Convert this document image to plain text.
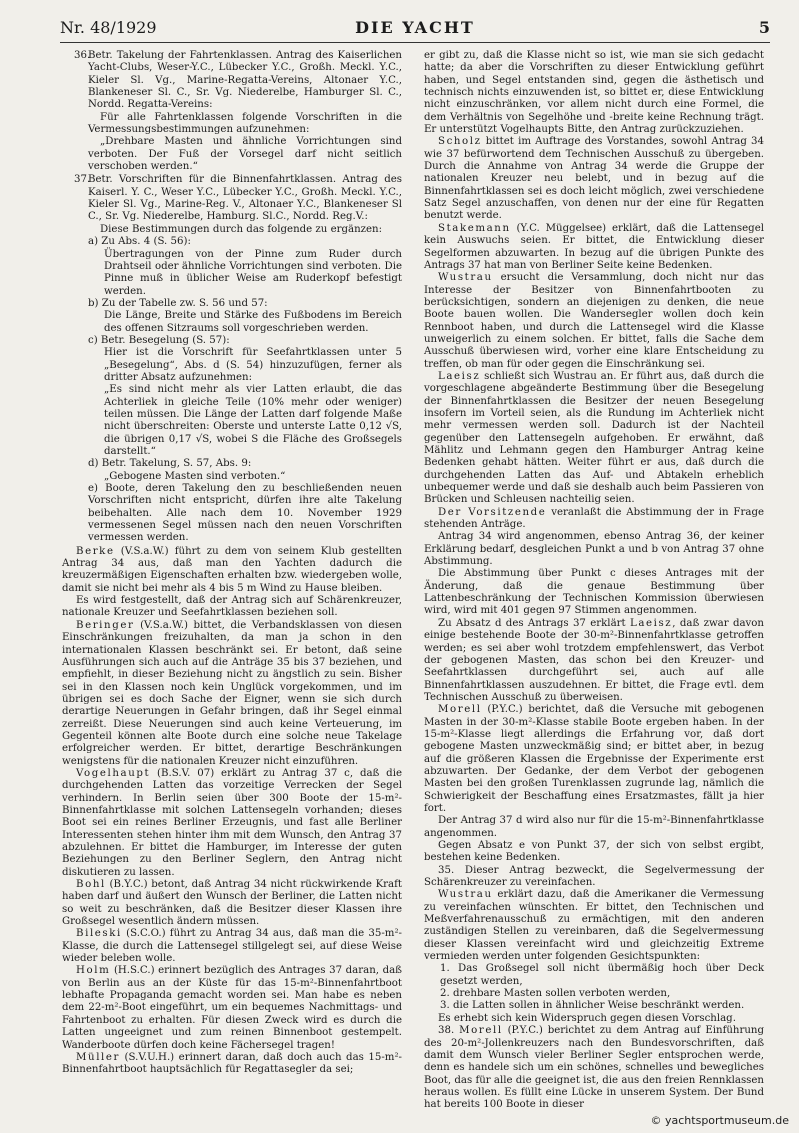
Nr. 48/1929	DIE YACHT	5
36.

Betr. Takelung der Fahrtenklassen. Antrag des Kaiserlichen Yacht-Clubs, Weser-Y.C., Lübecker Y.C., Großh. Meckl. Y.C., Kieler Sl. Vg., Marine-Regatta-Vereins, Altonaer Y.C., Blankeneser Sl. C., Sr. Vg. Niederelbe, Hamburger Sl. C., Nordd. Regatta-Vereins:

Für alle Fahrtenklassen folgende Vorschriften in die Vermessungsbestimmungen aufzunehmen:

„Drehbare Masten und ähnliche Vorrichtungen sind verboten. Der Fuß der Vorsegel darf nicht seitlich verschoben werden.“

37.

Betr. Vorschriften für die Binnenfahrtklassen. Antrag des Kaiserl. Y. C., Weser Y.C., Lübecker Y.C., Großh. Meckl. Y.C., Kieler Sl. Vg., Marine-Reg. V., Altonaer Y.C., Blankeneser Sl C., Sr. Vg. Niederelbe, Hamburg. Sl.C., Nordd. Reg.V.:

Diese Bestimmungen durch das folgende zu ergänzen:

a) Zu Abs. 4 (S. 56):

Übertragungen von der Pinne zum Ruder durch Drahtseil oder ähnliche Vorrichtungen sind verboten. Die Pinne muß in üblicher Weise am Ruderkopf befestigt werden.

b) Zu der Tabelle zw. S. 56 und 57:

Die Länge, Breite und Stärke des Fußbodens im Bereich des offenen Sitzraums soll vorgeschrieben werden.

c) Betr. Besegelung (S. 57):

Hier ist die Vorschrift für Seefahrtklassen unter 5 „Besegelung“, Abs. d (S. 54) hinzuzufügen, ferner als dritter Absatz aufzunehmen:

„Es sind nicht mehr als vier Latten erlaubt, die das Achterliek in gleiche Teile (10% mehr oder weniger) teilen müssen. Die Länge der Latten darf folgende Maße nicht überschreiten: Oberste und unterste Latte 0,12 √S, die übrigen 0,17 √S, wobei S die Fläche des Großsegels darstellt.“

d) Betr. Takelung, S. 57, Abs. 9:

„Gebogene Masten sind verboten.“

e) Boote, deren Takelung den zu beschließenden neuen Vorschriften nicht entspricht, dürfen ihre alte Takelung beibehalten. Alle nach dem 10. November 1929 vermessenen Segel müssen nach den neuen Vorschriften vermessen werden.

Berke (V.S.a.W.) führt zu dem von seinem Klub gestellten Antrag 34 aus, daß man den Yachten dadurch die kreuzermäßigen Eigenschaften erhalten bzw. wiedergeben wolle, damit sie nicht bei mehr als 4 bis 5 m Wind zu Hause bleiben.

Es wird festgestellt, daß der Antrag sich auf Schärenkreuzer, nationale Kreuzer und Seefahrtklassen beziehen soll.

Beringer (V.S.a.W.) bittet, die Verbandsklassen von diesen Einschränkungen freizuhalten, da man ja schon in den internationalen Klassen beschränkt sei. Er betont, daß seine Ausführungen sich auch auf die Anträge 35 bis 37 beziehen, und empfiehlt, in dieser Beziehung nicht zu ängstlich zu sein. Bisher sei in den Klassen noch kein Unglück vorgekommen, und im übrigen sei es doch Sache der Eigner, wenn sie sich durch derartige Neuerungen in Gefahr bringen, daß ihr Segel einmal zerreißt. Diese Neuerungen sind auch keine Verteuerung, im Gegenteil können alte Boote durch eine solche neue Takelage erfolgreicher werden. Er bittet, derartige Beschränkungen wenigstens für die nationalen Kreuzer nicht einzuführen.

Vogelhaupt (B.S.V. 07) erklärt zu Antrag 37 c, daß die durchgehenden Latten das vorzeitige Verrecken der Segel verhindern. In Berlin seien über 300 Boote der 15-m²-Binnenfahrtklasse mit solchen Lattensegeln vorhanden; dieses Boot sei ein reines Berliner Erzeugnis, und fast alle Berliner Interessenten stehen hinter ihm mit dem Wunsch, den Antrag 37 abzulehnen. Er bittet die Hamburger, im Interesse der guten Beziehungen zu den Berliner Seglern, den Antrag nicht diskutieren zu lassen.

Bohl (B.Y.C.) betont, daß Antrag 34 nicht rückwirkende Kraft haben darf und äußert den Wunsch der Berliner, die Latten nicht so weit zu beschränken, daß die Besitzer dieser Klassen ihre Großsegel wesentlich ändern müssen.

Bileski (S.C.O.) führt zu Antrag 34 aus, daß man die 35-m²-Klasse, die durch die Lattensegel stillgelegt sei, auf diese Weise wieder beleben wolle.

Holm (H.S.C.) erinnert bezüglich des Antrages 37 daran, daß von Berlin aus an der Küste für das 15-m²-Binnenfahrtboot lebhafte Propaganda gemacht worden sei. Man habe es neben dem 22-m²-Boot eingeführt, um ein bequemes Nachmittags- und Fahrtenboot zu erhalten. Für diesen Zweck wird es durch die Latten ungeeignet und zum reinen Binnenboot gestempelt. Wanderboote dürfen doch keine Fächersegel tragen!

Müller (S.V.U.H.) erinnert daran, daß doch auch das 15-m²-Binnenfahrtboot hauptsächlich für Regattasegler da sei;

er gibt zu, daß die Klasse nicht so ist, wie man sie sich gedacht hatte; da aber die Vorschriften zu dieser Entwicklung geführt haben, und Segel entstanden sind, gegen die ästhetisch und technisch nichts einzuwenden ist, so bittet er, diese Entwicklung nicht einzuschränken, vor allem nicht durch eine Formel, die dem Verhältnis von Segelhöhe und -breite keine Rechnung trägt. Er unterstützt Vogelhaupts Bitte, den Antrag zurückzuziehen.

Scholz bittet im Auftrage des Vorstandes, sowohl Antrag 34 wie 37 befürwortend dem Technischen Ausschuß zu übergeben. Durch die Annahme von Antrag 34 werde die Gruppe der nationalen Kreuzer neu belebt, und in bezug auf die Binnenfahrtklassen sei es doch leicht möglich, zwei verschiedene Satz Segel anzuschaffen, von denen nur der eine für Regatten benutzt werde.

Stakemann (Y.C. Müggelsee) erklärt, daß die Lattensegel kein Auswuchs seien. Er bittet, die Entwicklung dieser Segelformen abzuwarten. In bezug auf die übrigen Punkte des Antrags 37 hat man von Berliner Seite keine Bedenken.

Wustrau ersucht die Versammlung, doch nicht nur das Interesse der Besitzer von Binnenfahrtbooten zu berücksichtigen, sondern an diejenigen zu denken, die neue Boote bauen wollen. Die Wandersegler wollen doch kein Rennboot haben, und durch die Lattensegel wird die Klasse unweigerlich zu einem solchen. Er bittet, falls die Sache dem Ausschuß überwiesen wird, vorher eine klare Entscheidung zu treffen, ob man für oder gegen die Einschränkung sei.

Laeisz schließt sich Wustrau an. Er führt aus, daß durch die vorgeschlagene abgeänderte Bestimmung über die Besegelung der Binnenfahrtklassen die Besitzer der neuen Besegelung insofern im Vorteil seien, als die Rundung im Achterliek nicht mehr vermessen werden soll. Dadurch ist der Nachteil gegenüber den Lattensegeln aufgehoben. Er erwähnt, daß Mählitz und Lehmann gegen den Hamburger Antrag keine Bedenken gehabt hätten. Weiter führt er aus, daß durch die durchgehenden Latten das Auf- und Abtakeln erheblich unbequemer werde und daß sie deshalb auch beim Passieren von Brücken und Schleusen nachteilig seien.

Der Vorsitzende veranlaßt die Abstimmung der in Frage stehenden Anträge.

Antrag 34 wird angenommen, ebenso Antrag 36, der keiner Erklärung bedarf, desgleichen Punkt a und b von Antrag 37 ohne Abstimmung.

Die Abstimmung über Punkt c dieses Antrages mit der Änderung, daß die genaue Bestimmung über Lattenbeschränkung der Technischen Kommission überwiesen wird, wird mit 401 gegen 97 Stimmen angenommen.

Zu Absatz d des Antrags 37 erklärt Laeisz, daß zwar davon einige bestehende Boote der 30-m²-Binnenfahrtklasse getroffen werden; es sei aber wohl trotzdem empfehlenswert, das Verbot der gebogenen Masten, das schon bei den Kreuzer- und Seefahrtklassen durchgeführt sei, auch auf alle Binnenfahrtklassen auszudehnen. Er bittet, die Frage evtl. dem Technischen Ausschuß zu überweisen.

Morell (P.Y.C.) berichtet, daß die Versuche mit gebogenen Masten in der 30-m²-Klasse stabile Boote ergeben haben. In der 15-m²-Klasse liegt allerdings die Erfahrung vor, daß dort gebogene Masten unzweckmäßig sind; er bittet aber, in bezug auf die größeren Klassen die Ergebnisse der Experimente erst abzuwarten. Der Gedanke, der dem Verbot der gebogenen Masten bei den großen Turenklassen zugrunde lag, nämlich die Schwierigkeit der Beschaffung eines Ersatzmastes, fällt ja hier fort.

Der Antrag 37 d wird also nur für die 15-m²-Binnenfahrtklasse angenommen.

Gegen Absatz e von Punkt 37, der sich von selbst ergibt, bestehen keine Bedenken.

35. Dieser Antrag bezweckt, die Segelvermessung der Schärenkreuzer zu vereinfachen.

Wustrau erklärt dazu, daß die Amerikaner die Vermessung zu vereinfachen wünschten. Er bittet, den Technischen und Meßverfahrenausschuß zu ermächtigen, mit den anderen zuständigen Stellen zu vereinbaren, daß die Segelvermessung dieser Klassen vereinfacht wird und gleichzeitig Extreme vermieden werden unter folgenden Gesichtspunkten:

1. Das Großsegel soll nicht übermäßig hoch über Deck gesetzt werden,

2. drehbare Masten sollen verboten werden,

3. die Latten sollen in ähnlicher Weise beschränkt werden.

Es erhebt sich kein Widerspruch gegen diesen Vorschlag.

38. Morell (P.Y.C.) berichtet zu dem Antrag auf Einführung des 20-m²-Jollenkreuzers nach den Bundesvorschriften, daß damit dem Wunsch vieler Berliner Segler entsprochen werde, denn es handele sich um ein schönes, schnelles und bewegliches Boot, das für alle die geeignet ist, die aus den freien Rennklassen heraus wollen. Es füllt eine Lücke in unserem System. Der Bund hat bereits 100 Boote in dieser

© yachtsportmuseum.de
